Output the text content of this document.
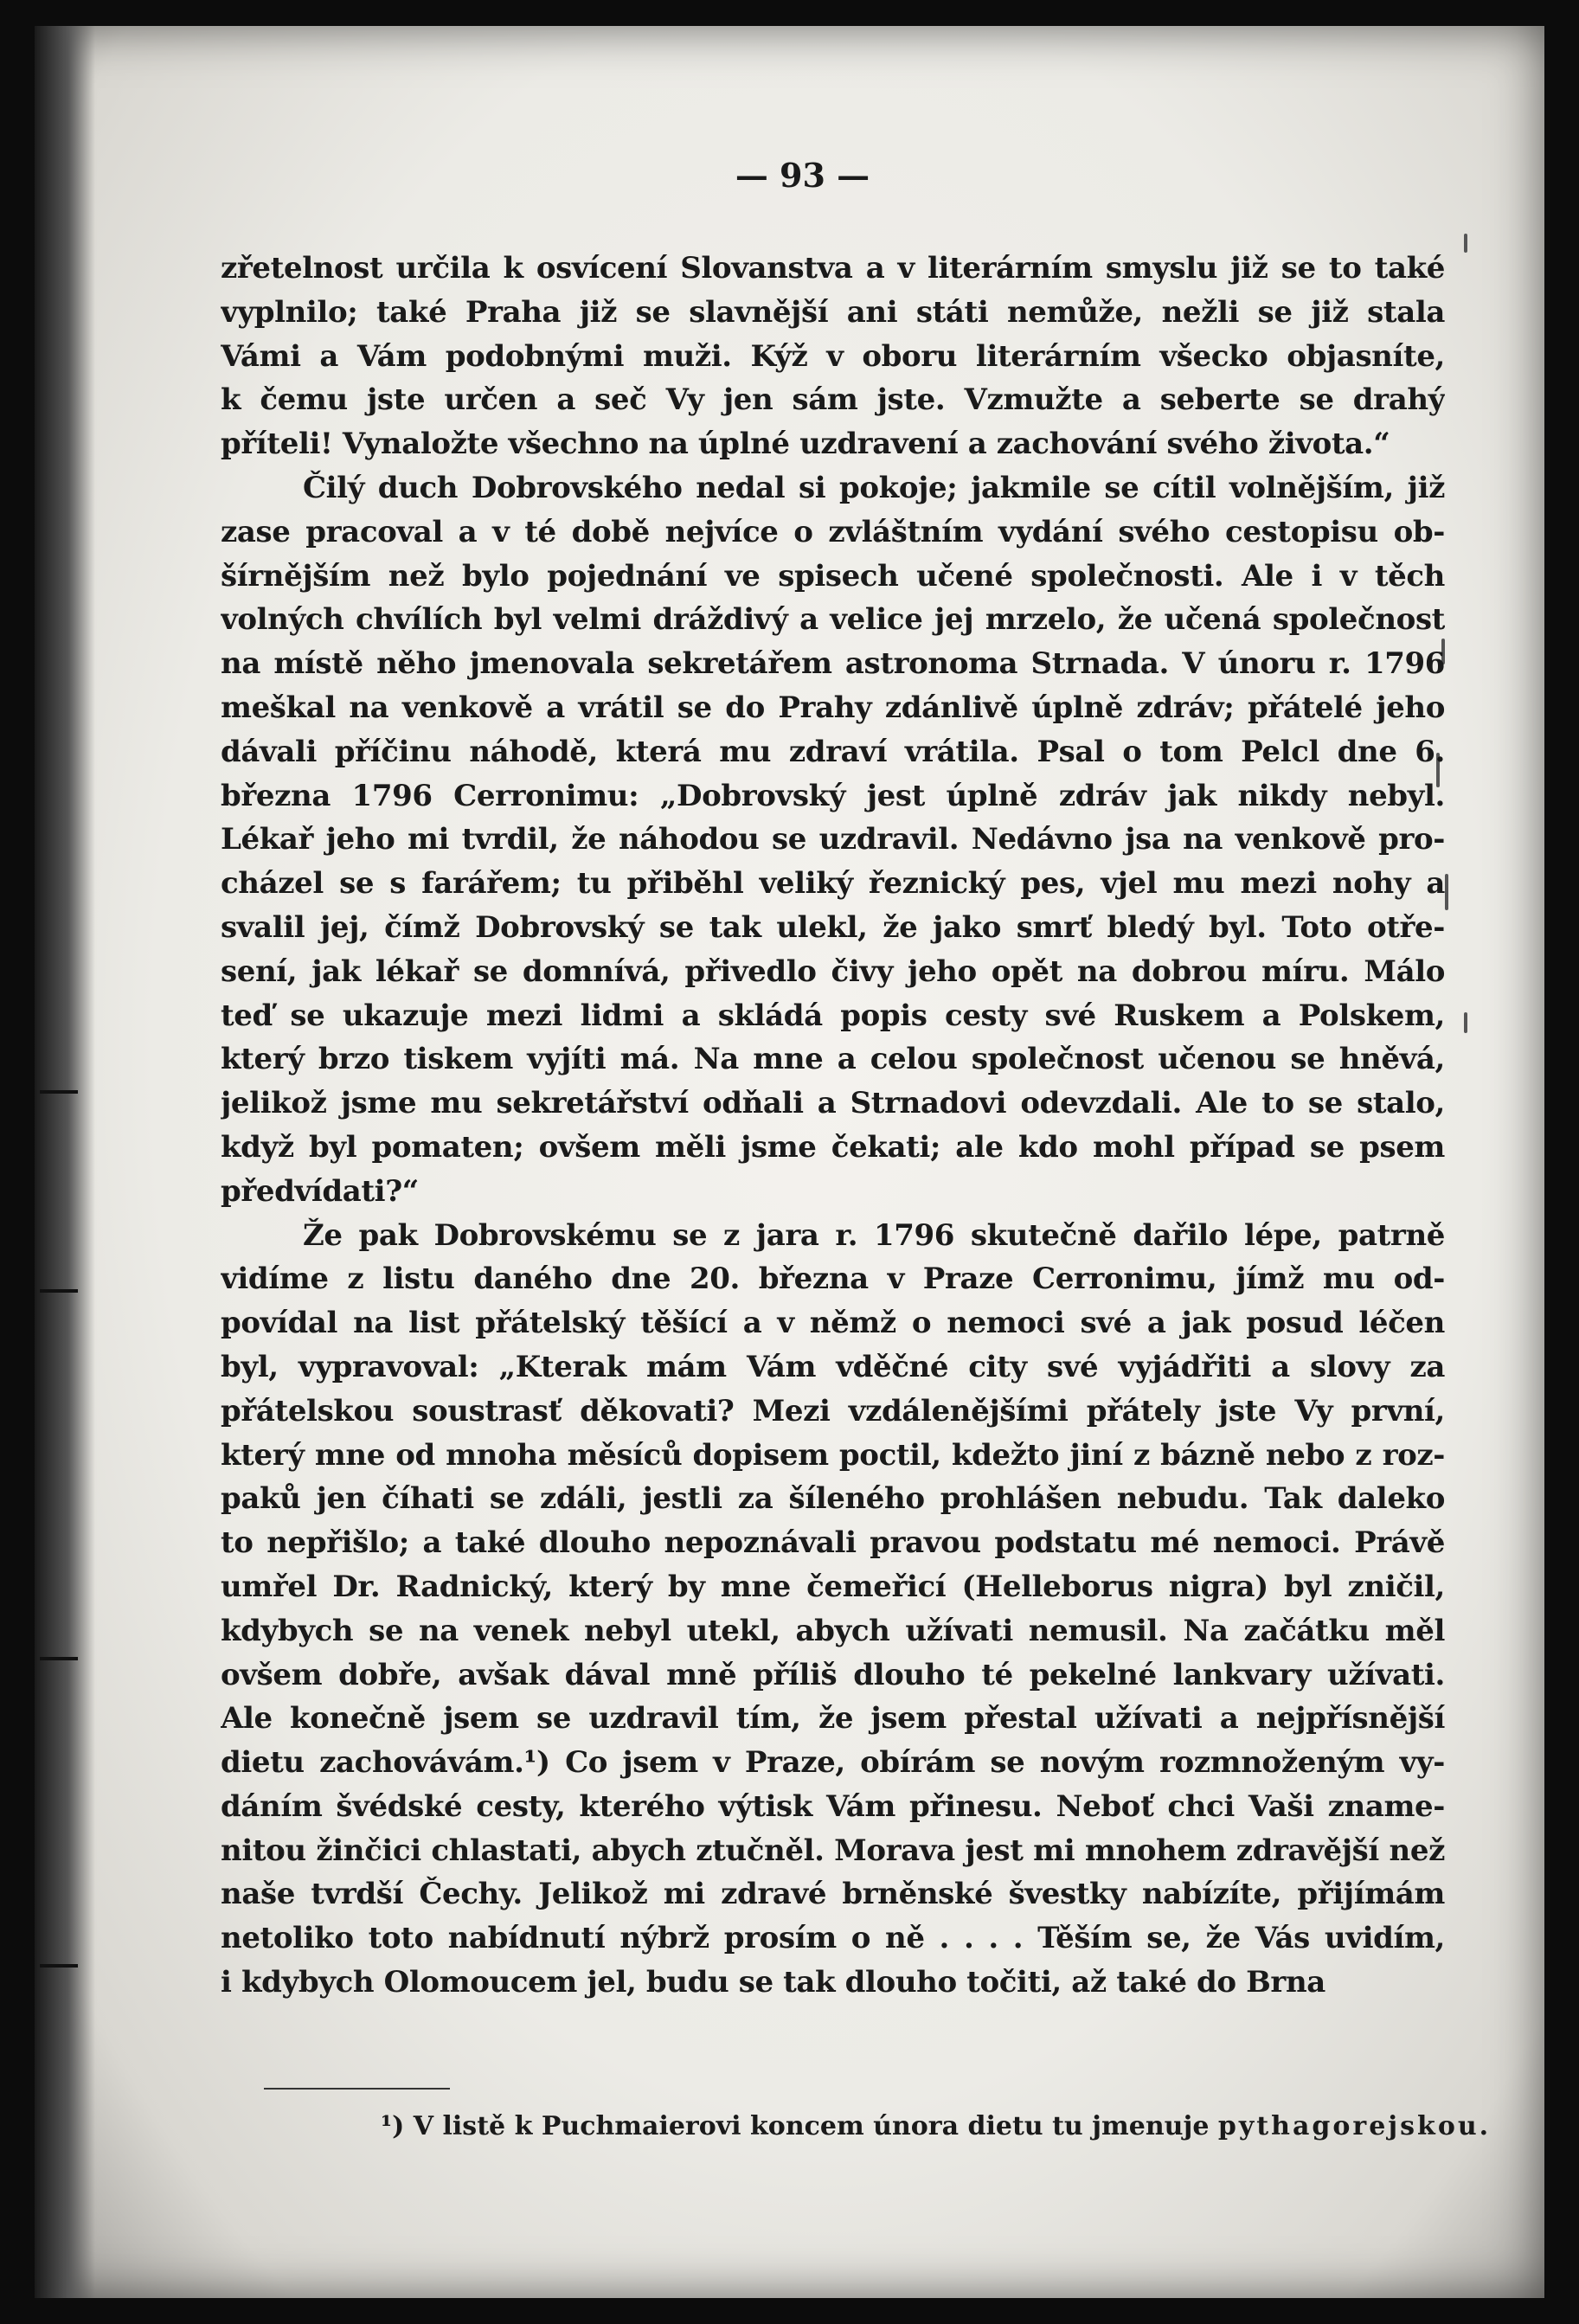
— 93 —
zřetelnost určila k osvícení Slovanstva a v literárním smyslu již se to také
vyplnilo; také Praha již se slavnější ani státi nemůže, nežli se již stala
Vámi a Vám podobnými muži. Kýž v oboru literárním všecko objasníte,
k čemu jste určen a seč Vy jen sám jste. Vzmužte a seberte se drahý
příteli! Vynaložte všechno na úplné uzdravení a zachování svého života.“
Čilý duch Dobrovského nedal si pokoje; jakmile se cítil volnějším, již
zase pracoval a v té době nejvíce o zvláštním vydání svého cestopisu ob-
šírnějším než bylo pojednání ve spisech učené společnosti. Ale i v těch
volných chvílích byl velmi dráždivý a velice jej mrzelo, že učená společnost
na místě něho jmenovala sekretářem astronoma Strnada. V únoru r. 1796
meškal na venkově a vrátil se do Prahy zdánlivě úplně zdráv; přátelé jeho
dávali příčinu náhodě, která mu zdraví vrátila. Psal o tom Pelcl dne 6.
března 1796 Cerronimu: „Dobrovský jest úplně zdráv jak nikdy nebyl.
Lékař jeho mi tvrdil, že náhodou se uzdravil. Nedávno jsa na venkově pro-
cházel se s farářem; tu přiběhl veliký řeznický pes, vjel mu mezi nohy a
svalil jej, čímž Dobrovský se tak ulekl, že jako smrť bledý byl. Toto otře-
sení, jak lékař se domnívá, přivedlo čivy jeho opět na dobrou míru. Málo
teď se ukazuje mezi lidmi a skládá popis cesty své Ruskem a Polskem,
který brzo tiskem vyjíti má. Na mne a celou společnost učenou se hněvá,
jelikož jsme mu sekretářství odňali a Strnadovi odevzdali. Ale to se stalo,
když byl pomaten; ovšem měli jsme čekati; ale kdo mohl případ se psem
předvídati?“
Že pak Dobrovskému se z jara r. 1796 skutečně dařilo lépe, patrně
vidíme z listu daného dne 20. března v Praze Cerronimu, jímž mu od-
povídal na list přátelský těšící a v němž o nemoci své a jak posud léčen
byl, vypravoval: „Kterak mám Vám vděčné city své vyjádřiti a slovy za
přátelskou soustrasť děkovati? Mezi vzdálenějšími přátely jste Vy první,
který mne od mnoha měsíců dopisem poctil, kdežto jiní z bázně nebo z roz-
paků jen číhati se zdáli, jestli za šíleného prohlášen nebudu. Tak daleko
to nepřišlo; a také dlouho nepoznávali pravou podstatu mé nemoci. Právě
umřel Dr. Radnický, který by mne čemeřicí (Helleborus nigra) byl zničil,
kdybych se na venek nebyl utekl, abych užívati nemusil. Na začátku měl
ovšem dobře, avšak dával mně příliš dlouho té pekelné lankvary užívati.
Ale konečně jsem se uzdravil tím, že jsem přestal užívati a nejpřísnější
dietu zachovávám.¹) Co jsem v Praze, obírám se novým rozmnoženým vy-
dáním švédské cesty, kterého výtisk Vám přinesu. Neboť chci Vaši zname-
nitou žinčici chlastati, abych ztučněl. Morava jest mi mnohem zdravější než
naše tvrdší Čechy. Jelikož mi zdravé brněnské švestky nabízíte, přijímám
netoliko toto nabídnutí nýbrž prosím o ně . . . . Těším se, že Vás uvidím,
i kdybych Olomoucem jel, budu se tak dlouho točiti, až také do Brna
¹) V listě k Puchmaierovi koncem února dietu tu jmenuje pythagorejskou.
